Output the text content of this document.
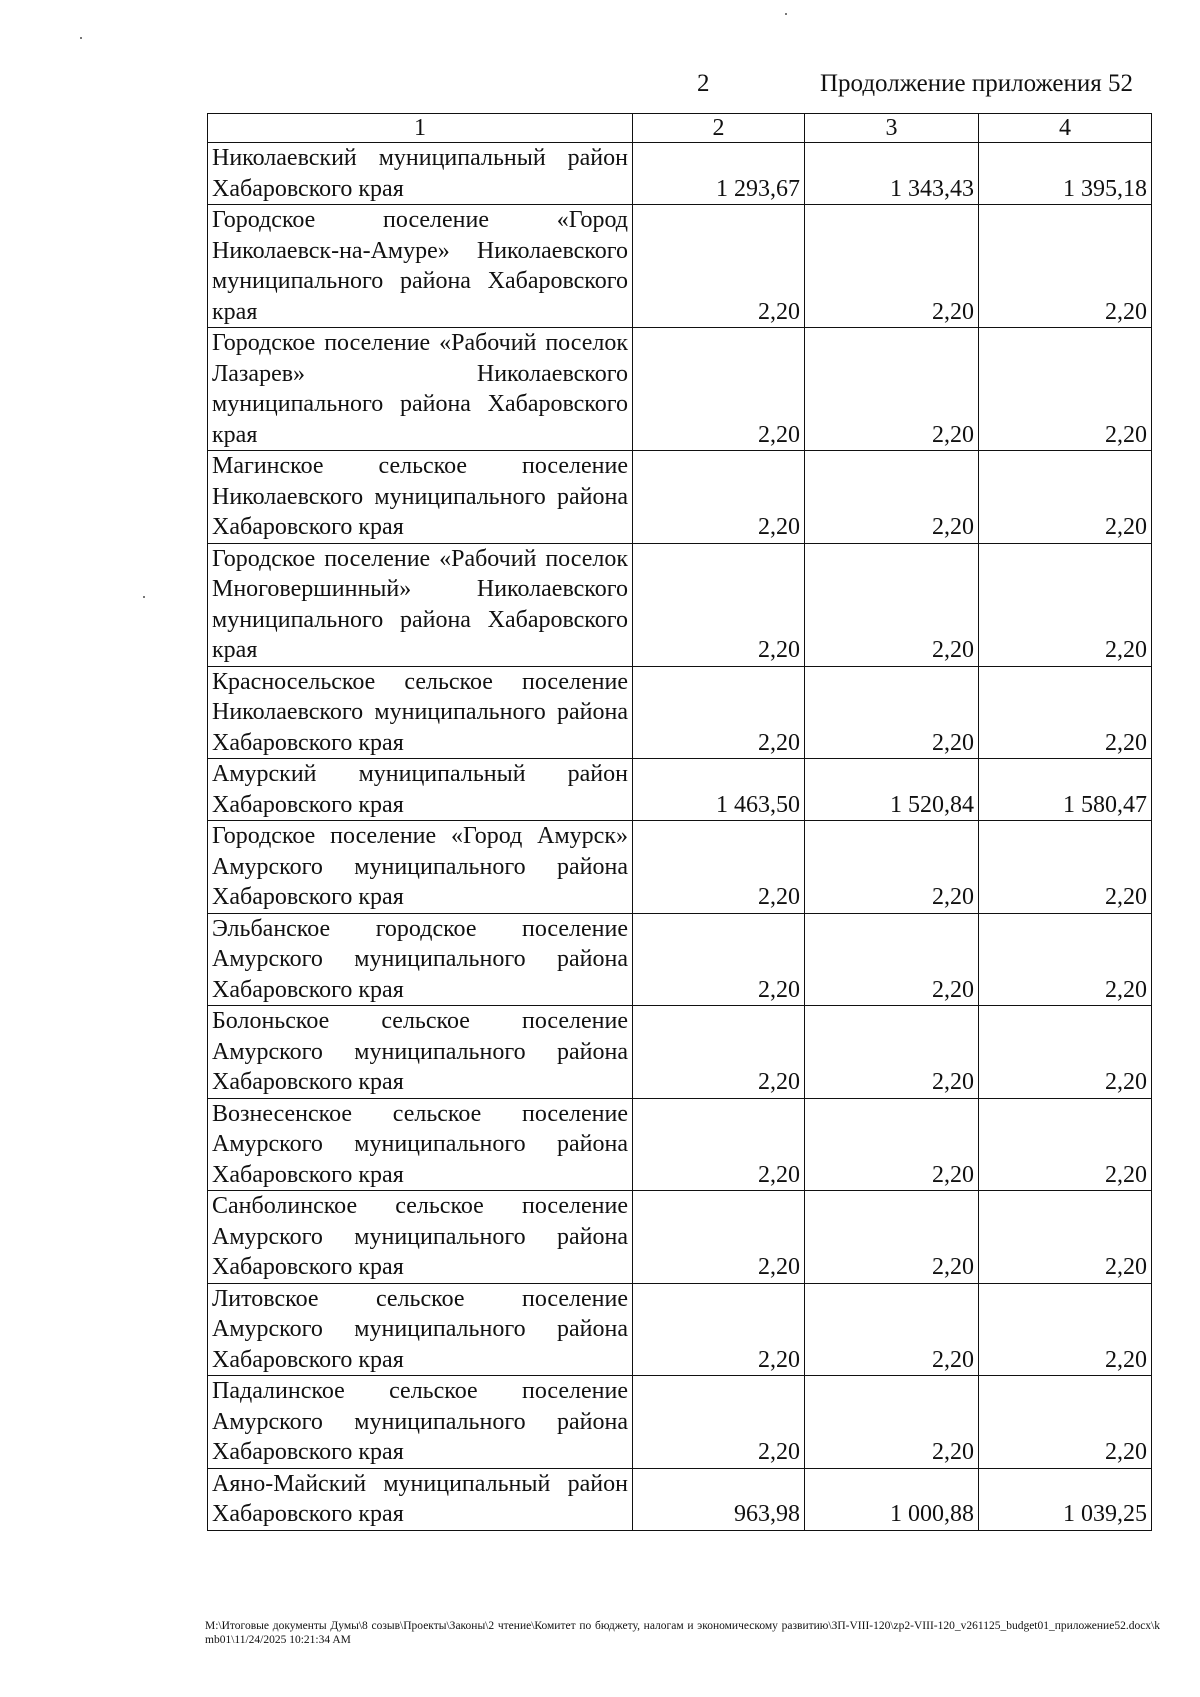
2	Продолжение приложения 52
1	2	3	4
Николаевский муниципальный район Хабаровского края	1 293,67	1 343,43	1 395,18
Городское поселение «Город Николаевск-на-Амуре» Николаевского муниципального района Хабаровского края	2,20	2,20	2,20
Городское поселение «Рабочий поселок Лазарев» Николаевского муниципального района Хабаровского края	2,20	2,20	2,20
Магинское сельское поселение Николаевского муниципального района Хабаровского края	2,20	2,20	2,20
Городское поселение «Рабочий поселок Многовершинный» Николаевского муниципального района Хабаровского края	2,20	2,20	2,20
Красносельское сельское поселение Николаевского муниципального района Хабаровского края	2,20	2,20	2,20
Амурский муниципальный район Хабаровского края	1 463,50	1 520,84	1 580,47
Городское поселение «Город Амурск» Амурского муниципального района Хабаровского края	2,20	2,20	2,20
Эльбанское городское поселение Амурского муниципального района Хабаровского края	2,20	2,20	2,20
Болоньское сельское поселение Амурского муниципального района Хабаровского края	2,20	2,20	2,20
Вознесенское сельское поселение Амурского муниципального района Хабаровского края	2,20	2,20	2,20
Санболинское сельское поселение Амурского муниципального района Хабаровского края	2,20	2,20	2,20
Литовское сельское поселение Амурского муниципального района Хабаровского края	2,20	2,20	2,20
Падалинское сельское поселение Амурского муниципального района Хабаровского края	2,20	2,20	2,20
Аяно-Майский муниципальный район Хабаровского края	963,98	1 000,88	1 039,25
M:\Итоговые документы Думы\8 созыв\Проекты\Законы\2 чтение\Комитет по бюджету, налогам и экономическому развитию\ЗП-VIII-120\zp2-VIII-120_v261125_budget01_приложение52.docx\kmb01\11/24/2025 10:21:34 AM
